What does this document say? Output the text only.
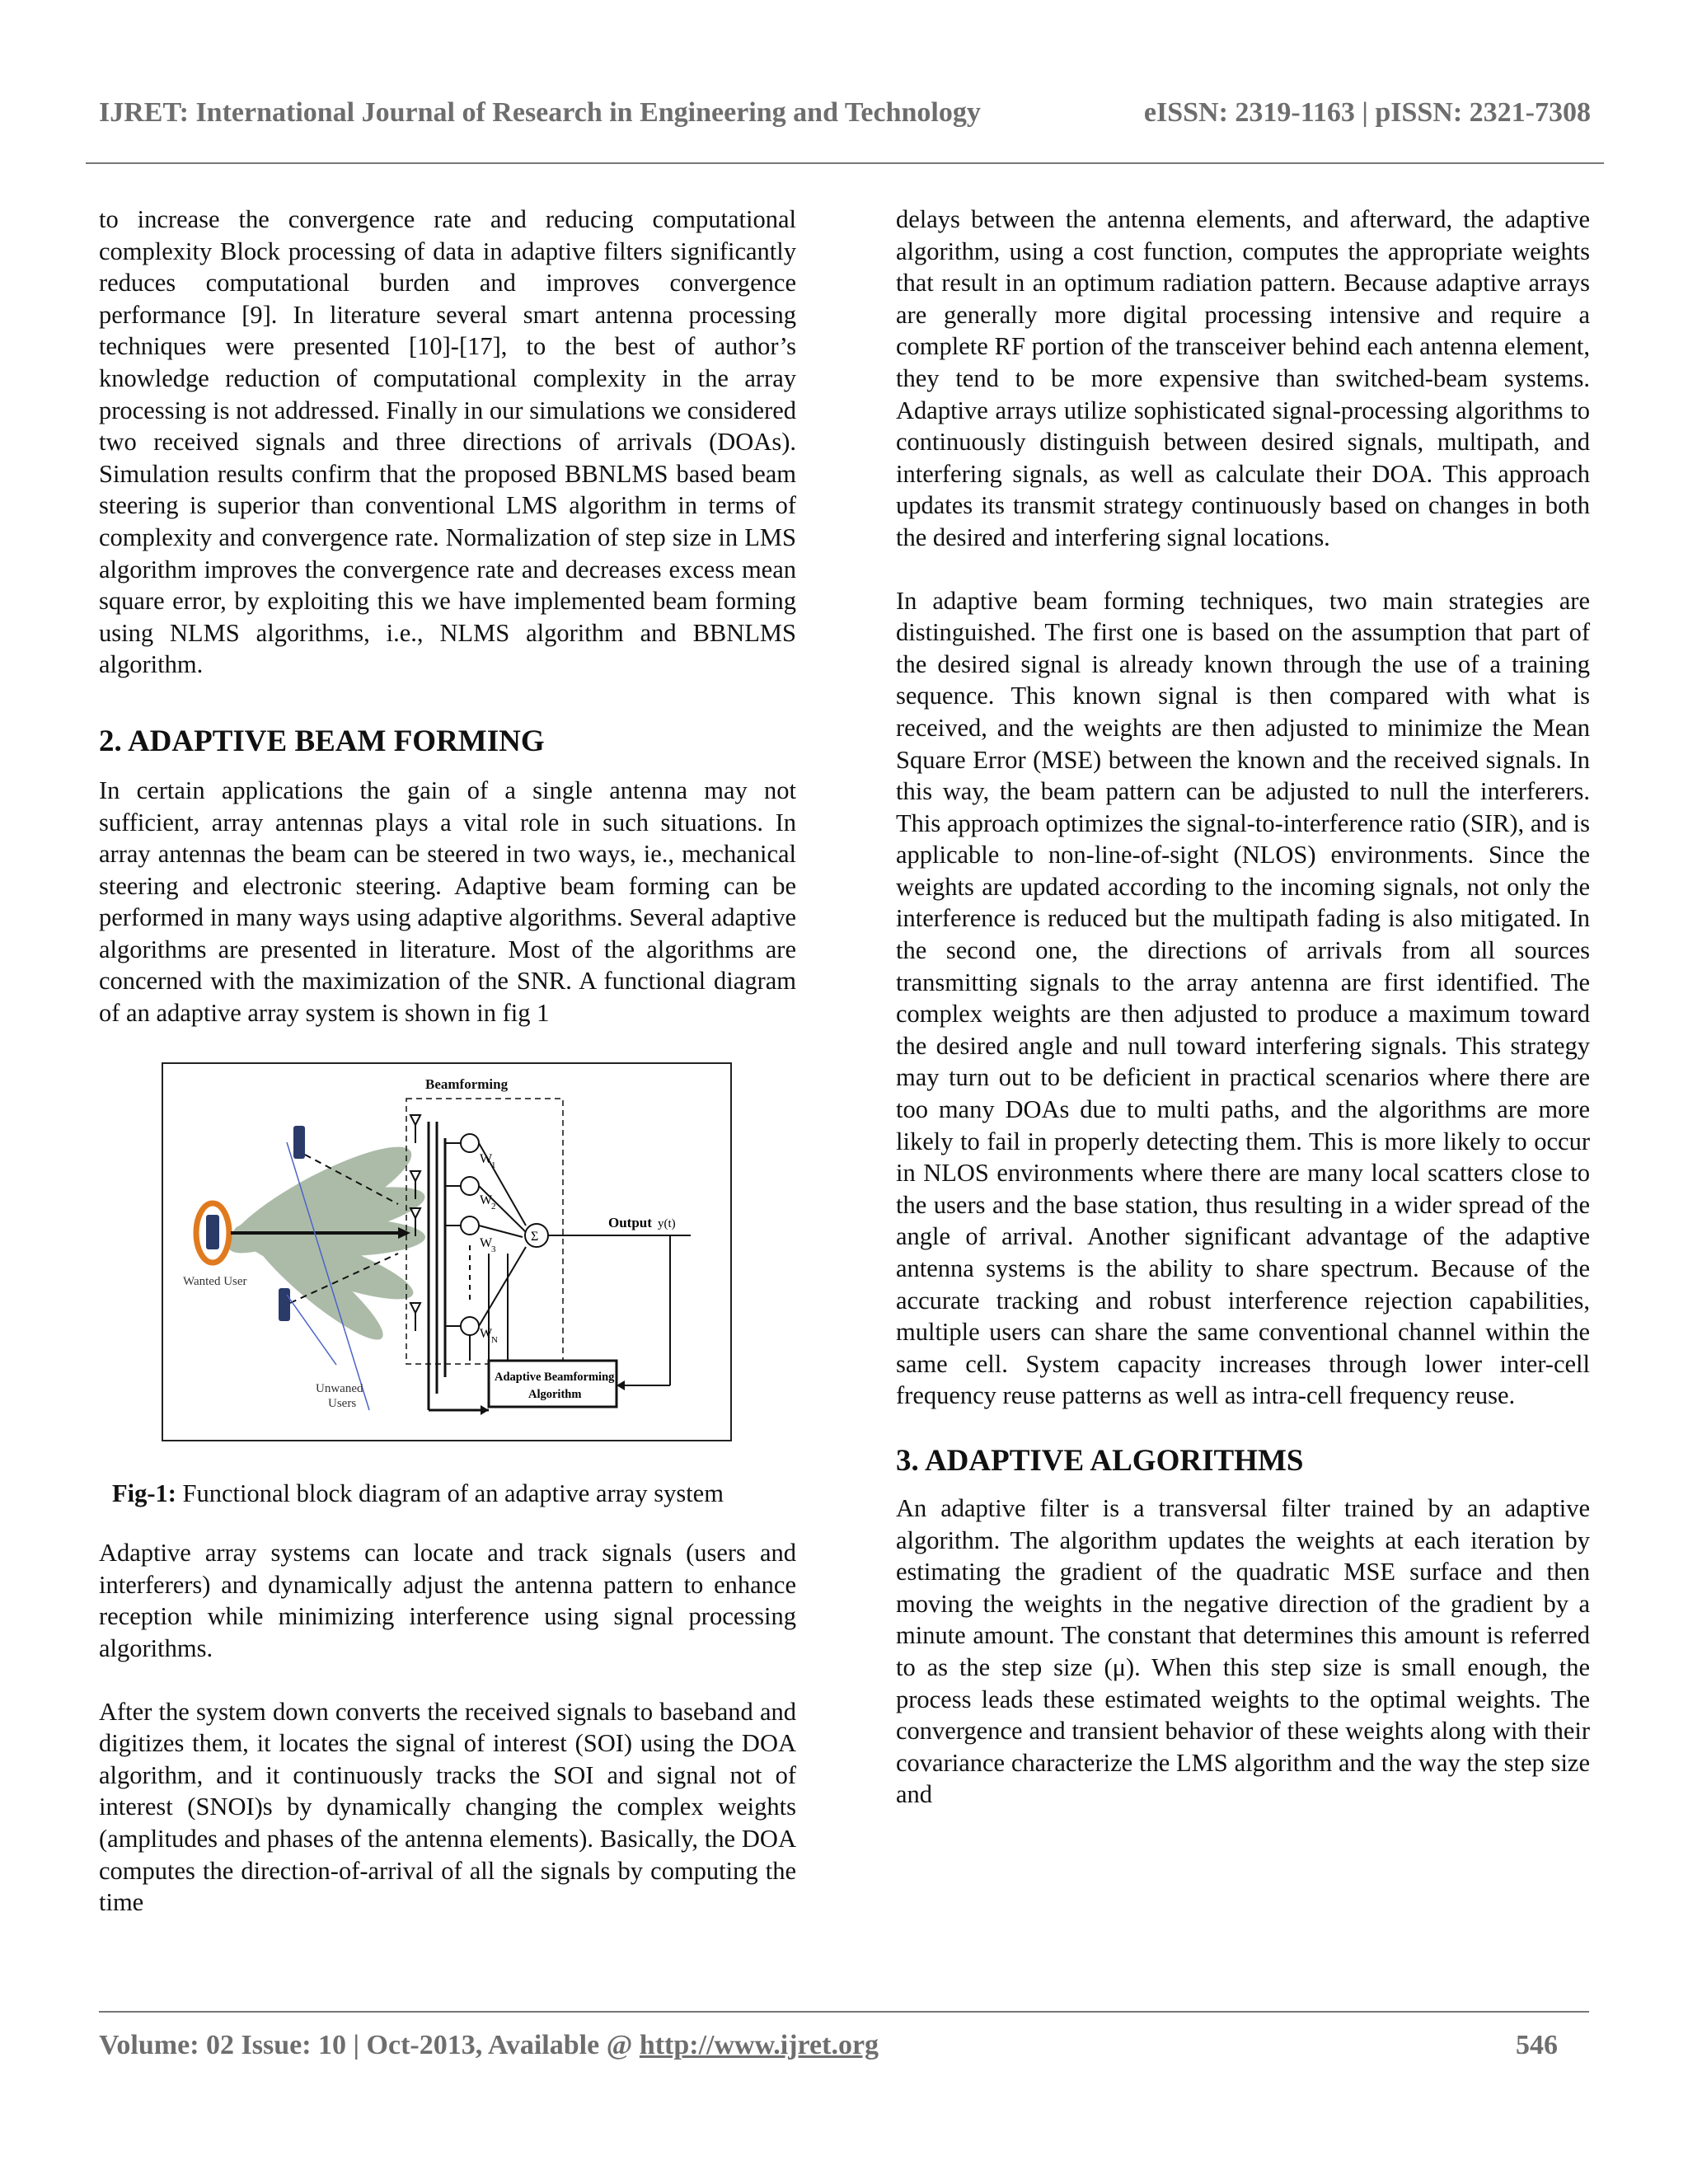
IJRET: International Journal of Research in Engineering and Technology	eISSN: 2319-1163 | pISSN: 2321-7308

to increase the convergence rate and reducing computational complexity Block processing of data in adaptive filters significantly reduces computational burden and improves convergence performance [9]. In literature several smart antenna processing techniques were presented [10]-[17], to the best of author’s knowledge reduction of computational complexity in the array processing is not addressed. Finally in our simulations we considered two received signals and three directions of arrivals (DOAs). Simulation results confirm that the proposed BBNLMS based beam steering is superior than conventional LMS algorithm in terms of complexity and convergence rate. Normalization of step size in LMS algorithm improves the convergence rate and decreases excess mean square error, by exploiting this we have implemented beam forming using NLMS algorithms, i.e., NLMS algorithm and BBNLMS algorithm.

2. ADAPTIVE BEAM FORMING

In certain applications the gain of a single antenna may not sufficient, array antennas plays a vital role in such situations. In array antennas the beam can be steered in two ways, ie., mechanical steering and electronic steering. Adaptive beam forming can be performed in many ways using adaptive algorithms. Several adaptive algorithms are presented in literature. Most of the algorithms are concerned with the maximization of the SNR. A functional diagram of an adaptive array system is shown in fig 1

Wanted User
Unwaned
Users
Beamforming
W
1
W
2
W
3
W
N
Σ
Output y(t)
Adaptive Beamforming
Algorithm
Fig-1: Functional block diagram of an adaptive array system

Adaptive array systems can locate and track signals (users and interferers) and dynamically adjust the antenna pattern to enhance reception while minimizing interference using signal processing algorithms.

After the system down converts the received signals to baseband and digitizes them, it locates the signal of interest (SOI) using the DOA algorithm, and it continuously tracks the SOI and signal not of interest (SNOI)s by dynamically changing the complex weights (amplitudes and phases of the antenna elements). Basically, the DOA computes the direction-of-arrival of all the signals by computing the time

delays between the antenna elements, and afterward, the adaptive algorithm, using a cost function, computes the appropriate weights that result in an optimum radiation pattern. Because adaptive arrays are generally more digital processing intensive and require a complete RF portion of the transceiver behind each antenna element, they tend to be more expensive than switched-beam systems. Adaptive arrays utilize sophisticated signal-processing algorithms to continuously distinguish between desired signals, multipath, and interfering signals, as well as calculate their DOA. This approach updates its transmit strategy continuously based on changes in both the desired and interfering signal locations.

In adaptive beam forming techniques, two main strategies are distinguished. The first one is based on the assumption that part of the desired signal is already known through the use of a training sequence. This known signal is then compared with what is received, and the weights are then adjusted to minimize the Mean Square Error (MSE) between the known and the received signals. In this way, the beam pattern can be adjusted to null the interferers. This approach optimizes the signal-to-interference ratio (SIR), and is applicable to non-line-of-sight (NLOS) environments. Since the weights are updated according to the incoming signals, not only the interference is reduced but the multipath fading is also mitigated. In the second one, the directions of arrivals from all sources transmitting signals to the array antenna are first identified. The complex weights are then adjusted to produce a maximum toward the desired angle and null toward interfering signals. This strategy may turn out to be deficient in practical scenarios where there are too many DOAs due to multi paths, and the algorithms are more likely to fail in properly detecting them. This is more likely to occur in NLOS environments where there are many local scatters close to the users and the base station, thus resulting in a wider spread of the angle of arrival. Another significant advantage of the adaptive antenna systems is the ability to share spectrum. Because of the accurate tracking and robust interference rejection capabilities, multiple users can share the same conventional channel within the same cell. System capacity increases through lower inter-cell frequency reuse patterns as well as intra-cell frequency reuse.

3. ADAPTIVE ALGORITHMS

An adaptive filter is a transversal filter trained by an adaptive algorithm. The algorithm updates the weights at each iteration by estimating the gradient of the quadratic MSE surface and then moving the weights in the negative direction of the gradient by a minute amount. The constant that determines this amount is referred to as the step size (μ). When this step size is small enough, the process leads these estimated weights to the optimal weights. The convergence and transient behavior of these weights along with their covariance characterize the LMS algorithm and the way the step size and

Volume: 02 Issue: 10 | Oct-2013, Available @ http://www.ijret.org	546
